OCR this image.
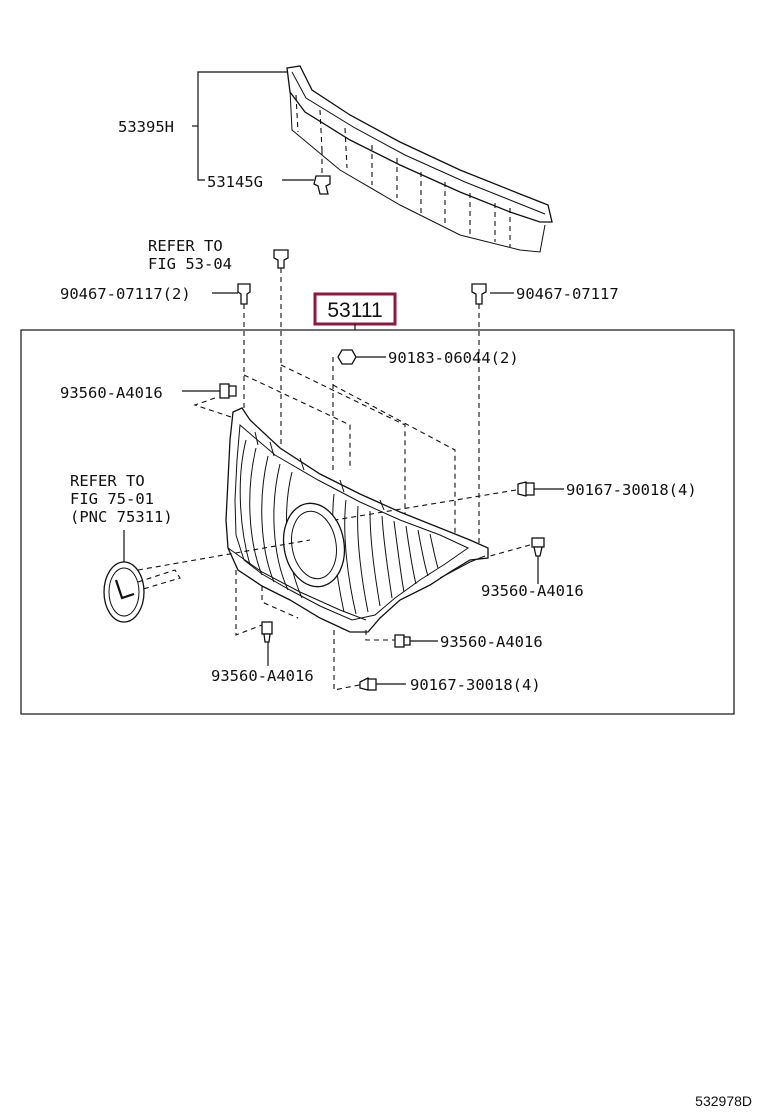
53395H
53145G
REFER TO
FIG 53-04
90467-07117(2)	90467-07117
53111
90183-06044(2)
93560-A4016
REFER TO
FIG 75-01
(PNC 75311)
90167-30018(4)
93560-A4016
93560-A4016
93560-A4016
90167-30018(4)
532978D
